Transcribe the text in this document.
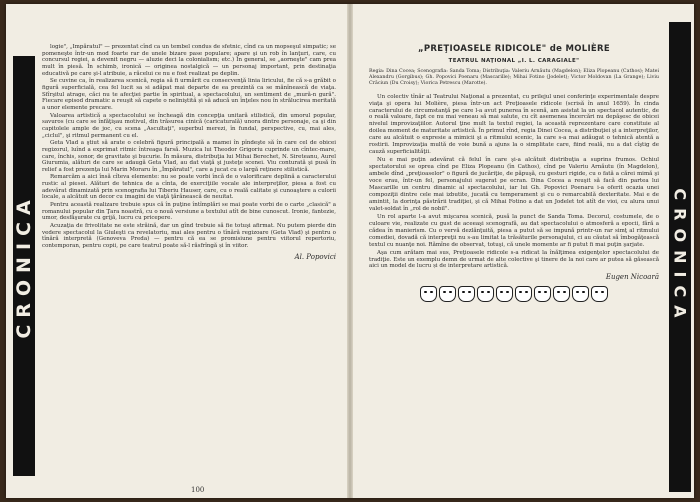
CRONICA

logie", „Impăratul" — prezentat cînd ca un tembel condus de sfetnic, cînd ca un mopseşul simpatic; se pomeneşte într-un mod foarte rar de unele bizare pase populare; apare şi un rob în lanţuri, care, cu concursul regiei, a devenit negru — aluzie deci la colonialism; etc.) În general, se „aorneşte" cam prea mult în piesă. În schimb, ironică — originea nostalgică — un personaj important, prin destinaţia educativă pe care şi-l atribuie, a răcelui ce nu e fost realizat pe deplin.

Se cuvine ca, în realizarea scenică, regia să fi urmărit cu consecvenţă linia liricului, fie că s-a grăbit o figură superficială, cea fel lucit sa si adăpat mai departe de ea prezintă ca se mănînească de viaţa. Sfîrşitul atrage, căci nu te afecţiei partie în spiritual, a spectacolului, un sentiment de „mură-n gură". Fiecare episod dramatic a reuşit să capete o neliniştită și să aducă un înţeles nou în strălucirea meritată a unor elemente precare.

Valoarea artistică a spectacolului se încheagă din concepţia unitară stilistică, din umorul popular, savuros (cu care se înfăţişau motivul, din trăsurea cinică (caricaturală) unora dintre personaje, ca şi din capitolele ample de joc, cu scena „Ascultaţi", superbul merezi, în fundal, perspective, cu, mai ales, „ciclul", şi ritmul permanent cu el.

Geta Vlad a ştiut să arate o celebră figură principală a mamei în pîndeşte să în care cel de obicei regizorul, luînd a exprimat ritmic întreaga farsă. Muzica lui Theodor Grigoriu cuprinde un cîntec-mare, care, închis, sonor, de gravitate şi bucurie. În măsura, distribuţia lui Mihai Berechet, N. Sireteanu, Aurel Giurumia, alături de care se adaugă Geta Vlad, au dat viaţă şi justeţe scenei. Viu conturată şi pusă în relief a fost prezenţa lui Marin Moraru în „Împăratul", care a jucat cu o largă reţinere stilistică.

Remarcăm a aici însă cîteva elemente: nu se poate vorbi încă de o valorificare deplină a caracterului rustic al piesei. Alături de tehnica de a cînta, de exerciţiile vocale ale interpreţilor, piesa a fost cu adevărat dinamizată prin scenografia lui Tiberiu Hauser, care, cu o reală calitate şi cunoaştere a culorii locale, a alcătuit un decor cu imagini de viaţă ţărănească de neuitat.

Pentru această realizare trebuie spus că în puţine întîmplări se mai poate vorbi de o carte „clasică" a romanului popular din Ţara noastră, cu o nouă versiune a textului atît de bine cunoscut. Ironie, fantezie, umor, desfăşurate cu grijă, lucru cu pricepere.

Acuzaţia de frivolitate ne este străină, dar un gînd trebuie să fie totuşi afirmat. Nu putem pierde din vedere spectacolul la Giuleşti ca revelatoriu, mai ales pentru o tînără regizoare (Geta Vlad) şi pentru o tînără interpretă (Genoveva Preda) — pentru că ea se promisiune pentru viitorul repertoriu, contemporan, pentru copii, pe care teatrul poate să-l răsfrîngă și în viitor.

Al. Popovici
100
„PREŢIOASELE RIDICOLE" de MOLIÈRE
TEATRUL NAŢIONAL „I. L. CARAGIALE"
Regia: Dina Cocea; Scenografia: Sanda Toma; Distribuţia: Valeriu Arnăutu (Magdelon); Eliza Plopeanu (Cathos); Matei Alexandru (Gorgibus); Gh. Popovici Poenaru (Mascarille); Mihai Fotino (Jodelet); Victor Moldovan (La Grange); Liviu Crăciun (Du Croisy); Viorica Petrescu (Marotte).

Un colectiv tînăr al Teatrului Naţional a prezentat, cu prilejul unei conferinţe experimentale despre viaţa şi opera lui Molière, piesa într-un act Preţioasele ridicole (scrisă în anul 1659). În cinda caracterului de circumstanţă pe care l-a avut punerea în scenă, am asistat la un spectacol autentic, de o reală valoare, fapt ce nu mai veneau să mai salute, cu cît asemenea încercări nu depăşesc de obicei nivelul improvizaţiilor. Autorul ţine mult la textul regiei, la această reprezentare care constituie al doilea moment de maturitate artistică. În primul rînd, regia Dinei Cocea, a distribuţiei şi a interpreţilor, care au alcătuit o expresie a mimicii şi a ritmului scenic, la care s-a mai adăugat o tehnică atentă a rostirii. Improvizaţia multă de voie bună a ajuns la o simplitate care, fiind reală, nu a dat cîştig de cauză superficialităţii.

Nu e mai puţin adevărat că felul în care şi-a alcătuit distribuţia a suprins frumos. Ochiul spectatorului se oprea cînd pe Eliza Plopeanu (în Cathos), cînd pe Valeriu Arnăutu (în Magdelon), ambele dînd „preţioaselor" o figură de jucăriţie, de păpuşă, cu gesturi rigide, cu o fată a cărei mimă şi voce erau, într-un fel, personajului sugerat pe ecran. Dina Cocea a reuşit să facă din partea lui Mascarille un centru dinamic al spectacolului, iar lui Gh. Popovici Poenaru i-a oferit ocazia unei compoziţii dintre cele mai izbutite, jucată cu temperament şi cu o remarcabilă dexteritate. Mai e de amintit, la dorinţa păstrării tradiţiei, şi că Mihai Fotino a dat un Jodelet tot atît de vioi, cu alura unui valet-soldat în „rol de nobil".

Un rol aparte l-a avut mişcarea scenică, pusă la punct de Sanda Toma. Decorul, costumele, de o culoare vie, realizate cu gust de aceeaşi scenografă, au dat spectacolului o atmosferă a epocii, fără a cădea în manierism. Cu o vervă dezlănţuită, piesa a putut să se impună printr-un rar simţ al ritmului comediei, dovadă că interpreţii nu s-au limitat la trăsăturile personajului, ci au căutat să îmbogăţească textul cu nuanţe noi. Rămîne de observat, totuşi, că unele momente ar fi putut fi mai puţin şarjate.

Aşa cum arătam mai sus, Preţioasele ridicole s-a ridicat la înălţimea exigenţelor spectacolului de tradiţie. Este un exemplu demn de urmat de alte colective şi tinere de la noi care ar putea să găsească aici un model de lucru și de interpretare artistică.

Eugen Nicoară CRONICA
